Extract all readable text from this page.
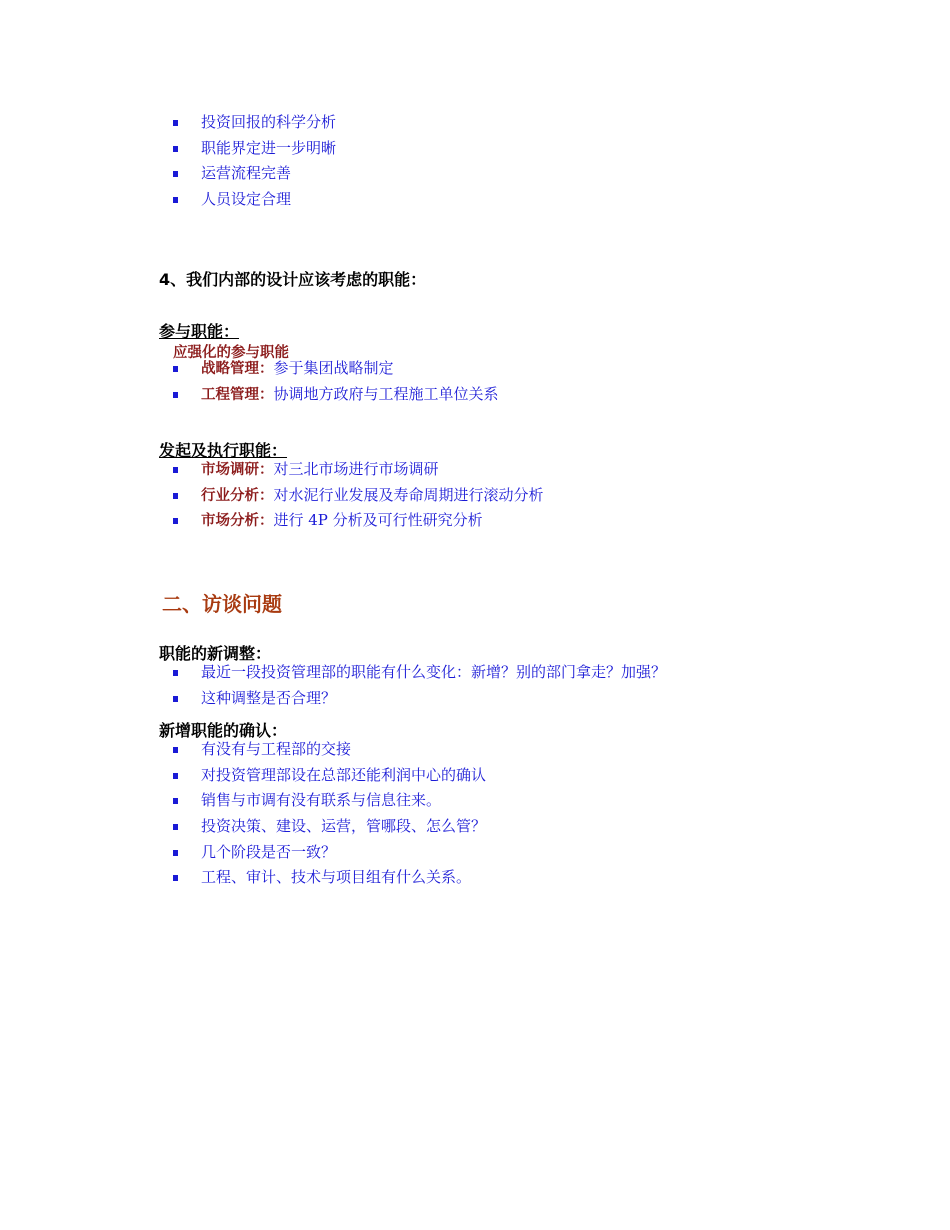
投资回报的科学分析
职能界定进一步明晰
运营流程完善
人员设定合理
4、我们内部的设计应该考虑的职能：
参与职能：
应强化的参与职能
战略管理：参于集团战略制定
工程管理：协调地方政府与工程施工单位关系
发起及执行职能：
市场调研：对三北市场进行市场调研
行业分析：对水泥行业发展及寿命周期进行滚动分析
市场分析：进行 4P 分析及可行性研究分析
二、访谈问题
职能的新调整：
最近一段投资管理部的职能有什么变化：新增？别的部门拿走？加强？
这种调整是否合理？
新增职能的确认：
有没有与工程部的交接
对投资管理部设在总部还能利润中心的确认
销售与市调有没有联系与信息往来。
投资决策、建设、运营，管哪段、怎么管？
几个阶段是否一致？
工程、审计、技术与项目组有什么关系。
